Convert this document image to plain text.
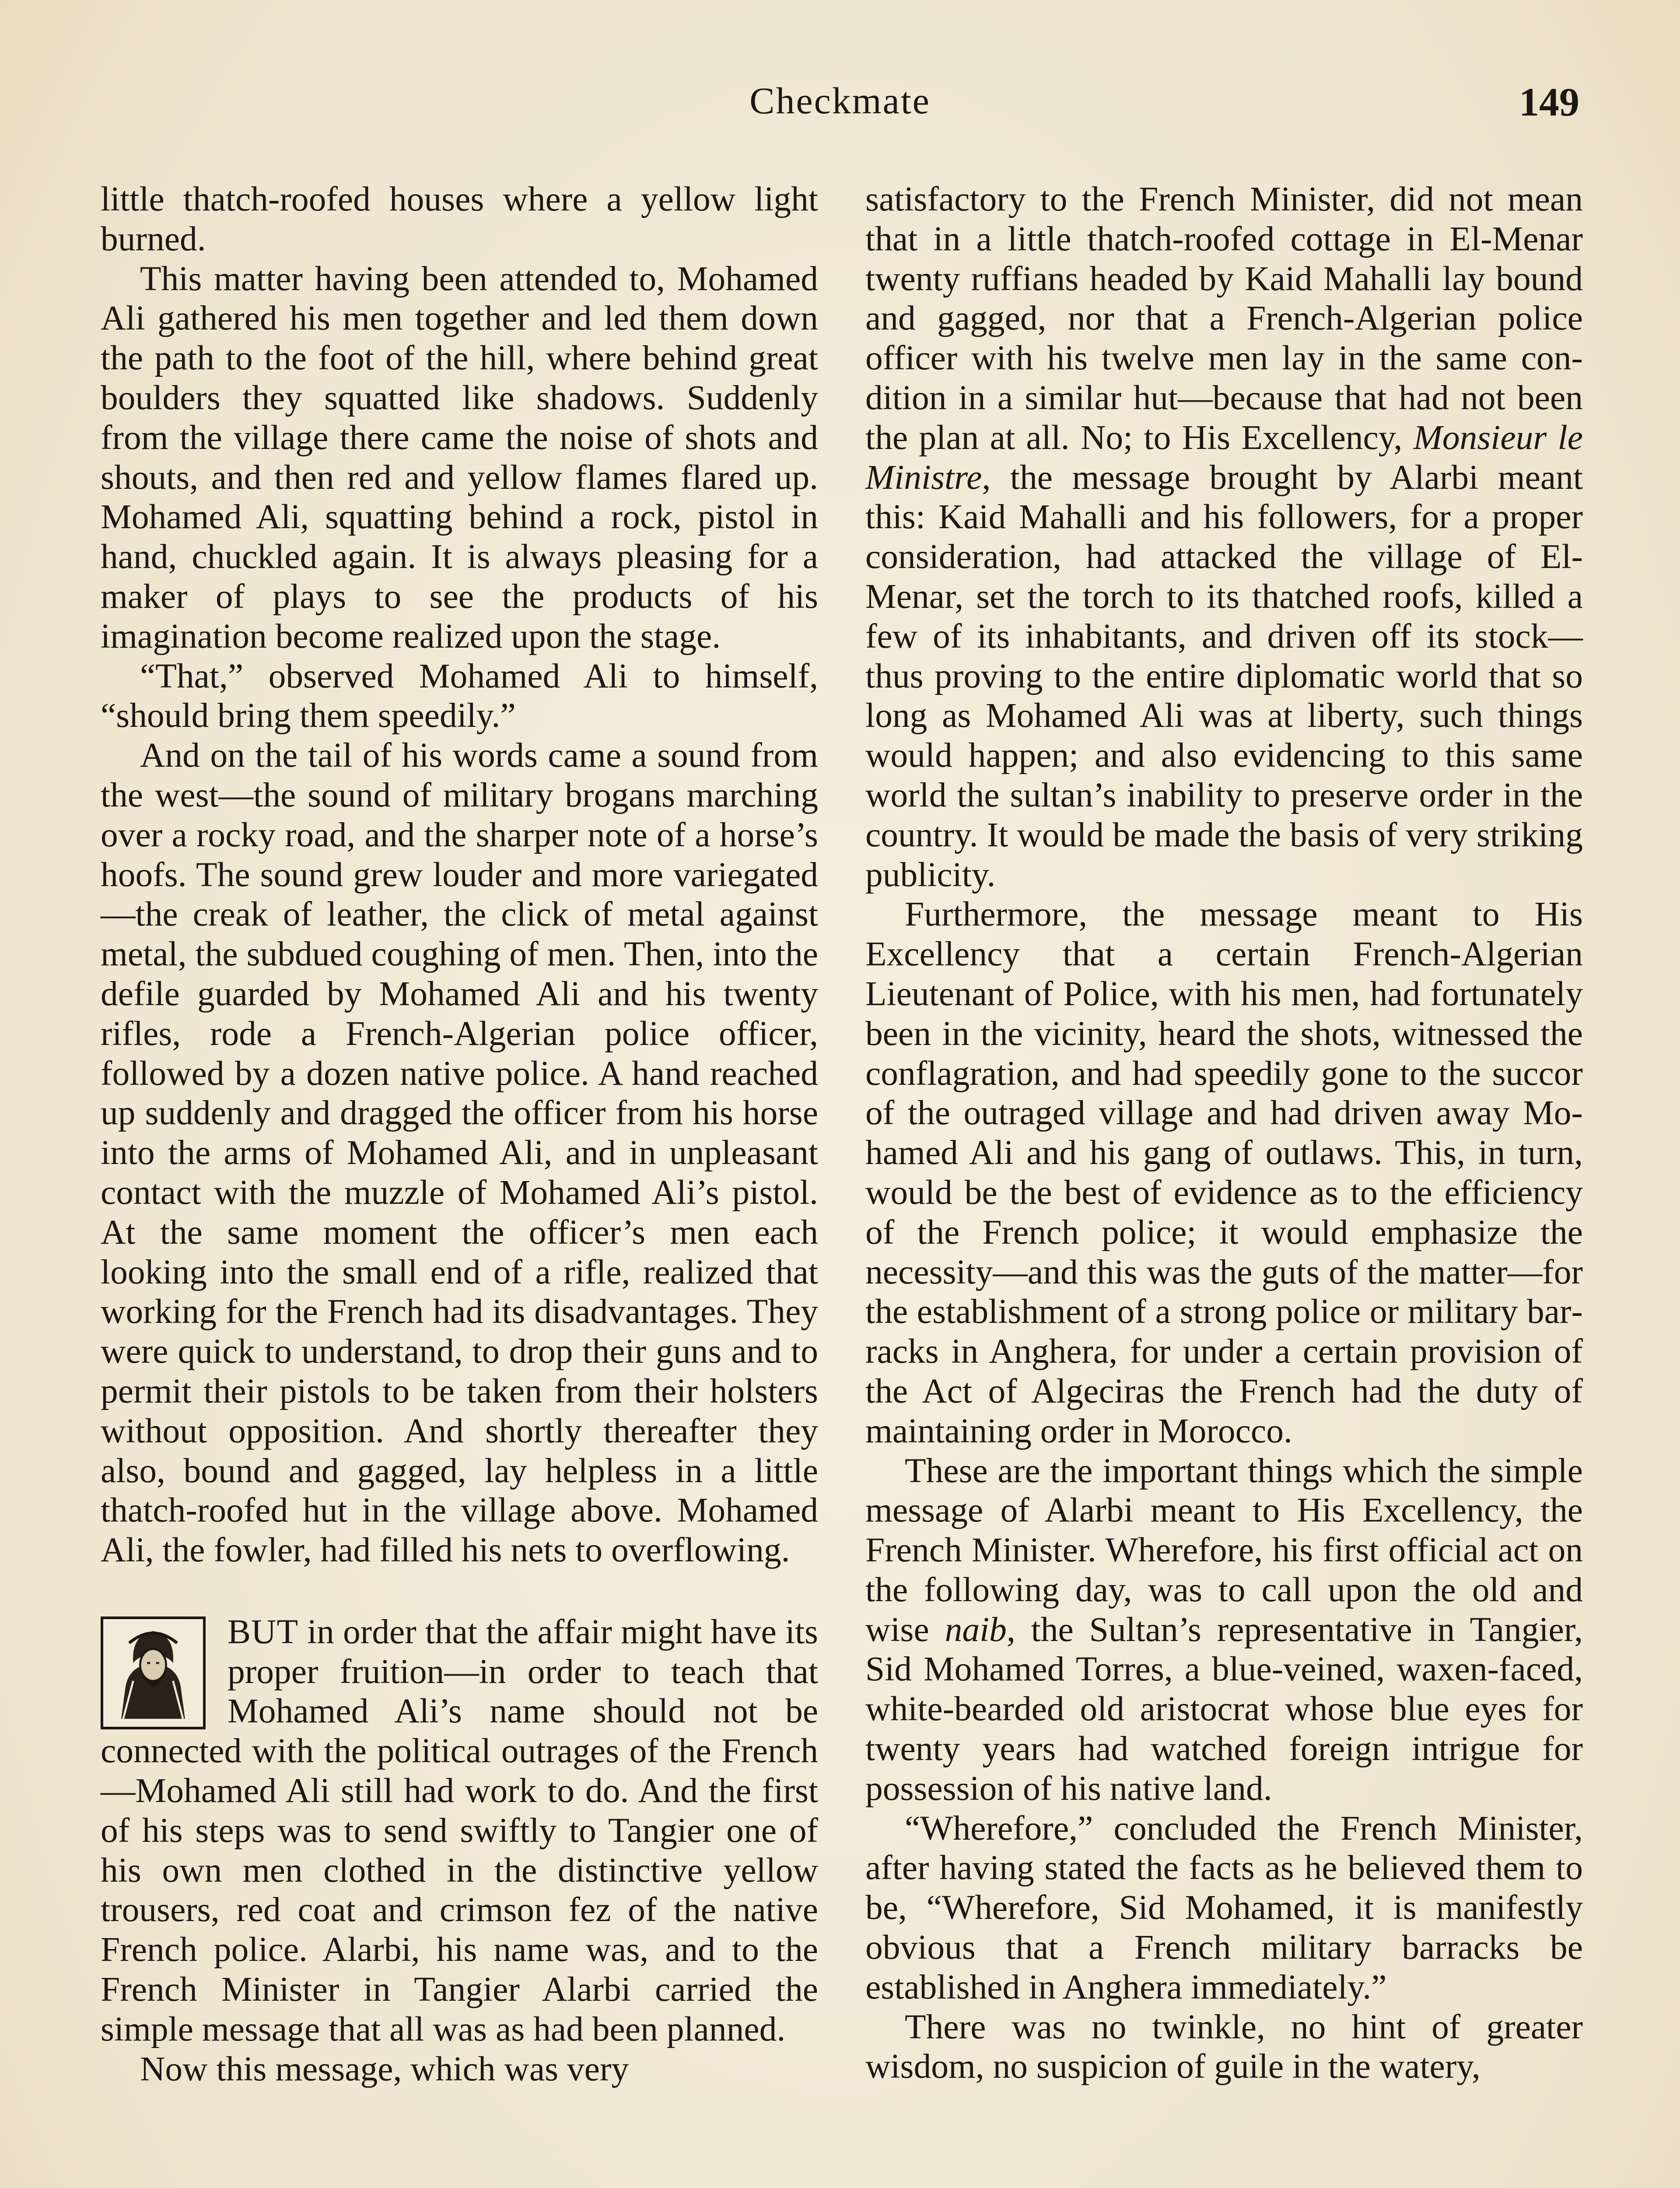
Checkmate	149

little thatch-roofed houses where a yellow light burned.

This matter having been attended to, Mohamed Ali gathered his men together and led them down the path to the foot of the hill, where behind great boulders they squatted like shadows. Suddenly from the village there came the noise of shots and shouts, and then red and yellow flames flared up. Mohamed Ali, squatting behind a rock, pistol in hand, chuckled again. It is always pleasing for a maker of plays to see the products of his imagination become realized upon the stage.

“That,” observed Mohamed Ali to himself, “should bring them speedily.”

And on the tail of his words came a sound from the west—the sound of military brogans marching over a rocky road, and the sharper note of a horse’s hoofs. The sound grew louder and more variegated—the creak of leather, the click of metal against metal, the subdued coughing of men. Then, into the defile guarded by Mohamed Ali and his twenty rifles, rode a French-Algerian police officer, followed by a dozen native police. A hand reached up suddenly and dragged the officer from his horse into the arms of Mohamed Ali, and in unpleasant contact with the muzzle of Mohamed Ali’s pistol. At the same moment the officer’s men each looking into the small end of a rifle, realized that working for the French had its disadvantages. They were quick to understand, to drop their guns and to permit their pistols to be taken from their holsters without opposition. And shortly thereafter they also, bound and gagged, lay helpless in a little thatch-roofed hut in the village above. Mohamed Ali, the fowler, had filled his nets to overflowing.

BUT in order that the affair might have its proper fruition—in order to teach that Mohamed Ali’s name should not be connected with the political outrages of the French—Mohamed Ali still had work to do. And the first of his steps was to send swiftly to Tangier one of his own men clothed in the distinctive yellow trousers, red coat and crimson fez of the native French police. Alarbi, his name was, and to the French Minister in Tangier Alarbi carried the simple message that all was as had been planned.

Now this message, which was very

satisfactory to the French Minister, did not mean that in a little thatch-roofed cottage in El-Menar twenty ruffians headed by Kaid Mahalli lay bound and gagged, nor that a French-Algerian police officer with his twelve men lay in the same condition in a similar hut—because that had not been the plan at all. No; to His Excellency, Monsieur le Ministre, the message brought by Alarbi meant this: Kaid Mahalli and his followers, for a proper consideration, had attacked the village of El-Menar, set the torch to its thatched roofs, killed a few of its inhabitants, and driven off its stock—thus proving to the entire diplomatic world that so long as Mohamed Ali was at liberty, such things would happen; and also evidencing to this same world the sultan’s inability to preserve order in the country. It would be made the basis of very striking publicity.

Furthermore, the message meant to His Excellency that a certain French-Algerian Lieutenant of Police, with his men, had fortunately been in the vicinity, heard the shots, witnessed the conflagration, and had speedily gone to the succor of the outraged village and had driven away Mohamed Ali and his gang of outlaws. This, in turn, would be the best of evidence as to the efficiency of the French police; it would emphasize the necessity—and this was the guts of the matter—for the establishment of a strong police or military barracks in Anghera, for under a certain provision of the Act of Algeciras the French had the duty of maintaining order in Morocco.

These are the important things which the simple message of Alarbi meant to His Excellency, the French Minister. Wherefore, his first official act on the following day, was to call upon the old and wise naib, the Sultan’s representative in Tangier, Sid Mohamed Torres, a blue-veined, waxen-faced, white-bearded old aristocrat whose blue eyes for twenty years had watched foreign intrigue for possession of his native land.

“Wherefore,” concluded the French Minister, after having stated the facts as he believed them to be, “Wherefore, Sid Mohamed, it is manifestly obvious that a French military barracks be established in Anghera immediately.”

There was no twinkle, no hint of greater wisdom, no suspicion of guile in the watery,
